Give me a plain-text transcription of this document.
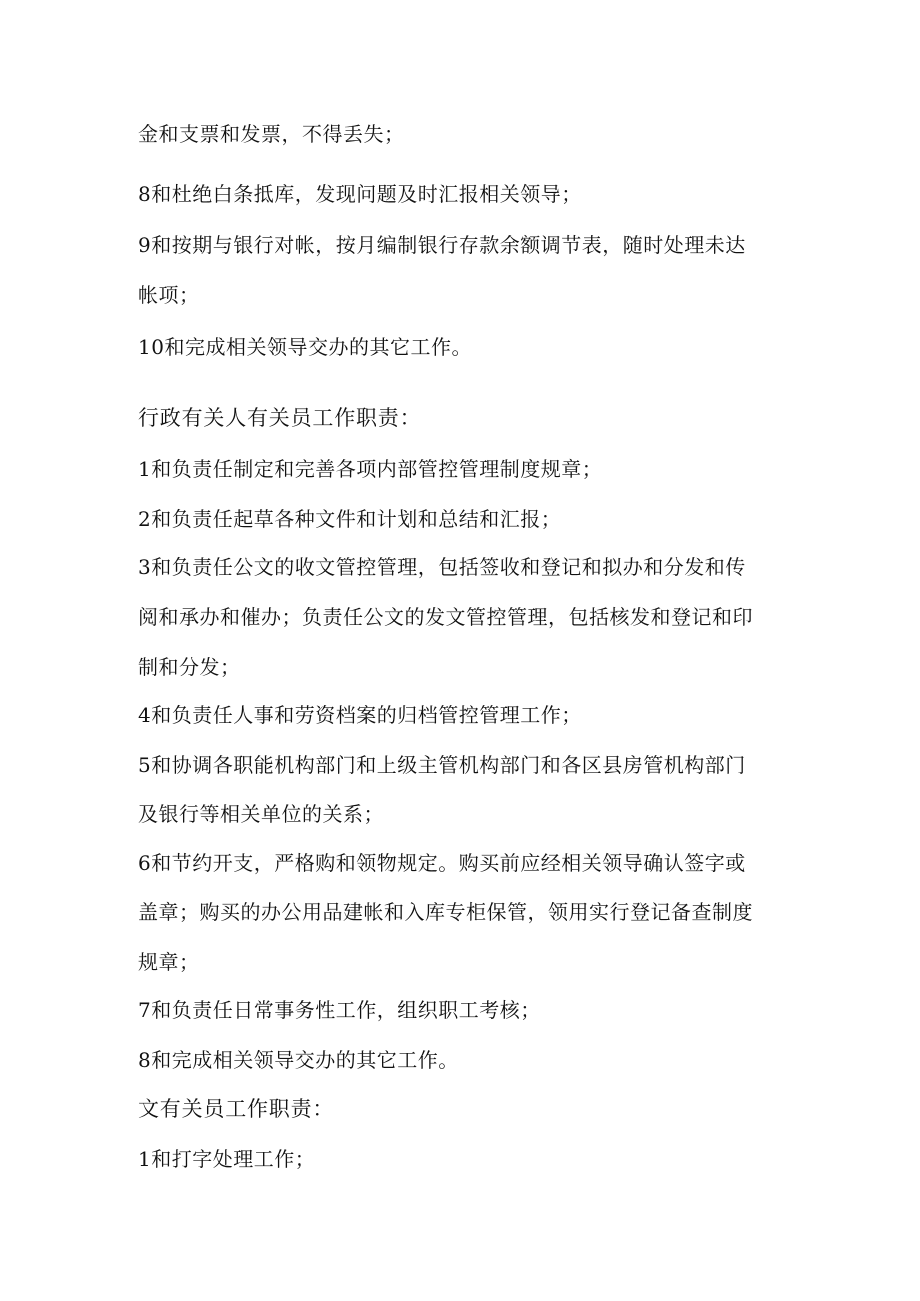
金和支票和发票，不得丢失；
8和杜绝白条抵库，发现问题及时汇报相关领导；
9和按期与银行对帐，按月编制银行存款余额调节表，随时处理未达
帐项；
10和完成相关领导交办的其它工作。
行政有关人有关员工作职责：
1和负责任制定和完善各项内部管控管理制度规章；
2和负责任起草各种文件和计划和总结和汇报；
3和负责任公文的收文管控管理，包括签收和登记和拟办和分发和传
阅和承办和催办；负责任公文的发文管控管理，包括核发和登记和印
制和分发；
4和负责任人事和劳资档案的归档管控管理工作；
5和协调各职能机构部门和上级主管机构部门和各区县房管机构部门
及银行等相关单位的关系；
6和节约开支，严格购和领物规定。购买前应经相关领导确认签字或
盖章；购买的办公用品建帐和入库专柜保管，领用实行登记备查制度
规章；
7和负责任日常事务性工作，组织职工考核；
8和完成相关领导交办的其它工作。
文有关员工作职责：
1和打字处理工作；
